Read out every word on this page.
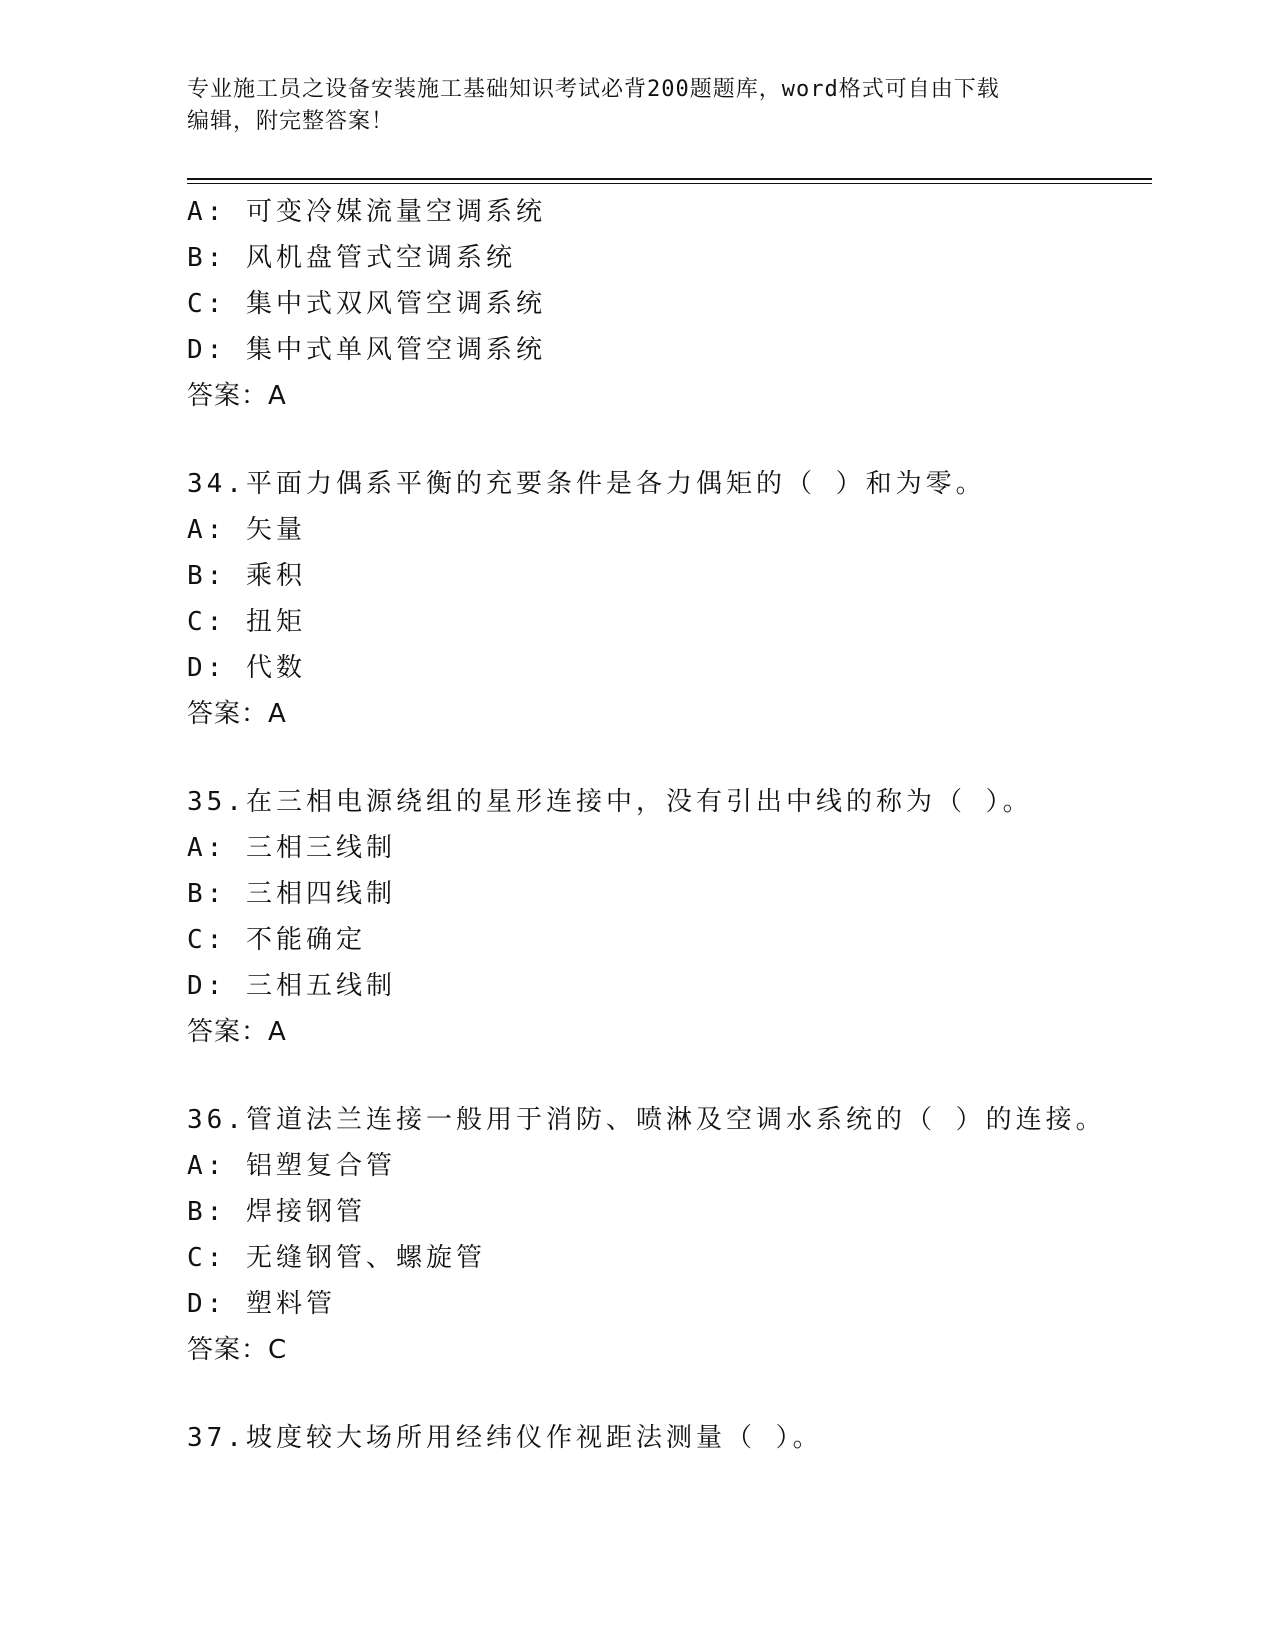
专业施工员之设备安装施工基础知识考试必背200题题库，word格式可自由下载
编辑，附完整答案！
A: 可变冷媒流量空调系统
B: 风机盘管式空调系统
C: 集中式双风管空调系统
D: 集中式单风管空调系统
答案：A
34.平面力偶系平衡的充要条件是各力偶矩的（ ）和为零。
A: 矢量
B: 乘积
C: 扭矩
D: 代数
答案：A
35.在三相电源绕组的星形连接中，没有引出中线的称为（ ）。
A: 三相三线制
B: 三相四线制
C: 不能确定
D: 三相五线制
答案：A
36.管道法兰连接一般用于消防、喷淋及空调水系统的（ ）的连接。
A: 铝塑复合管
B: 焊接钢管
C: 无缝钢管、螺旋管
D: 塑料管
答案：C
37.坡度较大场所用经纬仪作视距法测量（ ）。
